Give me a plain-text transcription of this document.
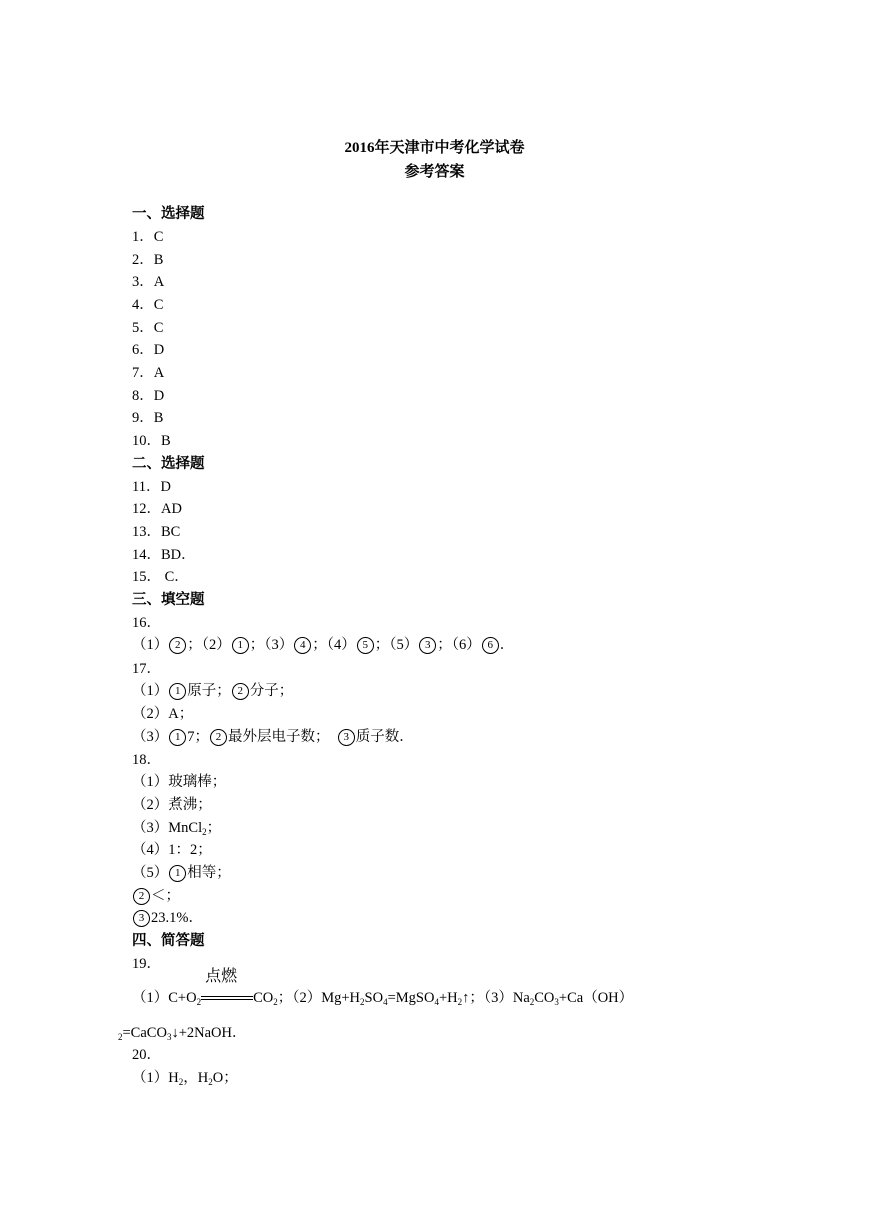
2016年天津市中考化学试卷
参考答案
一、选择题
1．C
2．B
3．A
4．C
5．C
6．D
7．A
8．D
9．B
10．B
二、选择题
11．D
12．AD
13．BC
14．BD．
15． C．
三、填空题
16．
（1） 2 ；（2） 1 ；（3） 4 ；（4） 5 ；（5） 3 ；（6） 6 ．
17．
（1） 1 原子； 2 分子；
（2）A；
（3） 1 7； 2 最外层电子数；  3 质子数．
18．
（1）玻璃棒；
（2）煮沸；
（3）MnCl$_2$；
（4）1：2；
（5） 1 相等；
2 ＜；
3 23.1%．
四、简答题
19．
$(1)C+O_2$
点燃
$CO_2$；$(2)Mg+H_2SO_4=MgSO_4+H_2↑$；$(3)Na_2CO_3+Ca(OH)$
$_2$=CaCO$_3$↓+2NaOH．
20．
$(1)H_2$，$H_2O$；
